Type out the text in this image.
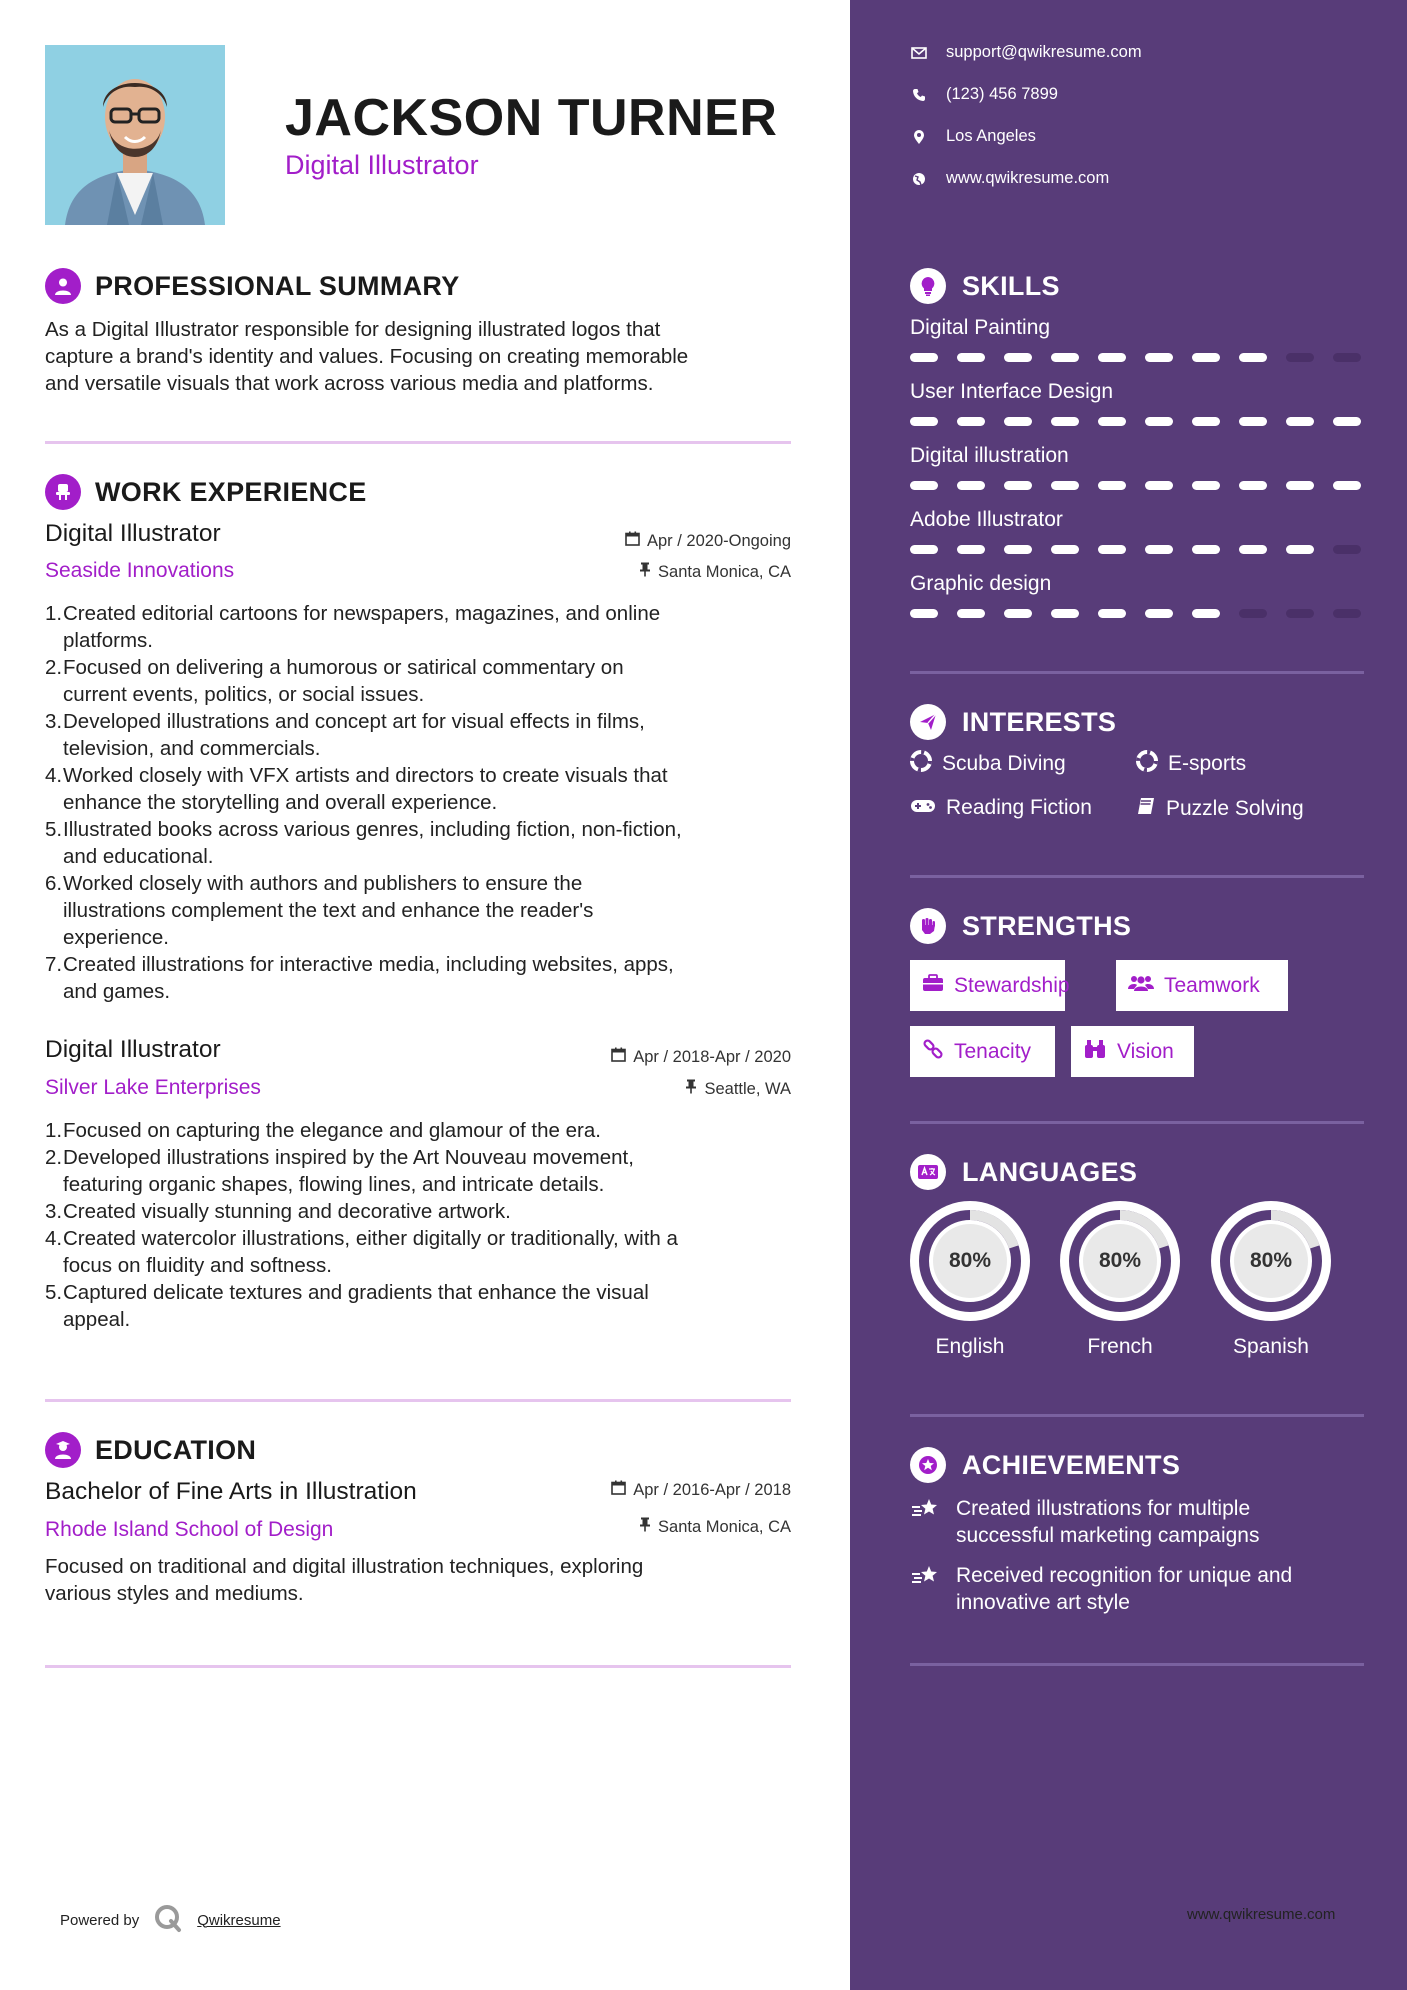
JACKSON TURNER
Digital Illustrator
PROFESSIONAL SUMMARY
As a Digital Illustrator responsible for designing illustrated logos that
capture a brand's identity and values. Focusing on creating memorable
and versatile visuals that work across various media and platforms.
WORK EXPERIENCE
Digital Illustrator
Seaside Innovations
Apr / 2020-Ongoing
Santa Monica, CA
1. Created editorial cartoons for newspapers, magazines, and online
platforms.
2. Focused on delivering a humorous or satirical commentary on
current events, politics, or social issues.
3. Developed illustrations and concept art for visual effects in films,
television, and commercials.
4. Worked closely with VFX artists and directors to create visuals that
enhance the storytelling and overall experience.
5. Illustrated books across various genres, including fiction, non-fiction,
and educational.
6. Worked closely with authors and publishers to ensure the
illustrations complement the text and enhance the reader's
experience.
7. Created illustrations for interactive media, including websites, apps,
and games.
Digital Illustrator
Silver Lake Enterprises
Apr / 2018-Apr / 2020
Seattle, WA
1. Focused on capturing the elegance and glamour of the era.
2. Developed illustrations inspired by the Art Nouveau movement,
featuring organic shapes, flowing lines, and intricate details.
3. Created visually stunning and decorative artwork.
4. Created watercolor illustrations, either digitally or traditionally, with a
focus on fluidity and softness.
5. Captured delicate textures and gradients that enhance the visual
appeal.
EDUCATION
Bachelor of Fine Arts in Illustration
Rhode Island School of Design
Apr / 2016-Apr / 2018
Santa Monica, CA
Focused on traditional and digital illustration techniques, exploring
various styles and mediums.
Powered by	Qwikresume
support@qwikresume.com
(123) 456 7899
Los Angeles
www.qwikresume.com
SKILLS
Digital Painting
User Interface Design
Digital illustration
Adobe Illustrator
Graphic design
INTERESTS
Scuba Diving	E-sports
Reading Fiction	Puzzle Solving
STRENGTHS
Stewardship	Teamwork
Tenacity	Vision
LANGUAGES
80%
English
80%
French
80%
Spanish
ACHIEVEMENTS
Created illustrations for multiple
successful marketing campaigns
Received recognition for unique and
innovative art style
www.qwikresume.com
